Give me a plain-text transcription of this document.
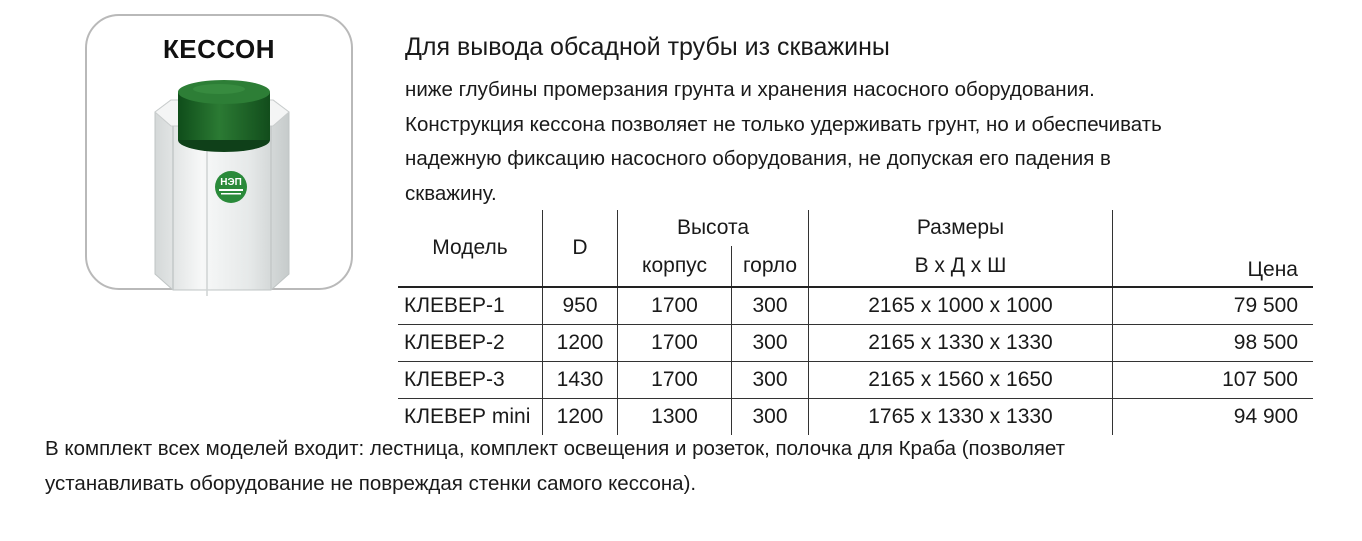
КЕССОН
НЭП
Для вывода обсадной трубы из скважины
ниже глубины промерзания грунта и хранения насосного оборудования.
Конструкция кессона позволяет не только удерживать грунт, но и обеспечивать
надежную фиксацию насосного оборудования, не допуская его падения в
скважину.
Модель	D	Высота		Размеры	
		корпус	горло	В х Д х Ш	Цена
КЛЕВЕР-1	950	1700	300	2165 х 1000 х 1000	79 500
КЛЕВЕР-2	1200	1700	300	2165 х 1330 х 1330	98 500
КЛЕВЕР-3	1430	1700	300	2165 х 1560 х 1650	107 500
КЛЕВЕР mini	1200	1300	300	1765 х 1330 х 1330	94 900
В комплект всех моделей входит: лестница, комплект освещения и розеток, полочка для Краба (позволяет
устанавливать оборудование не повреждая стенки самого кессона).
